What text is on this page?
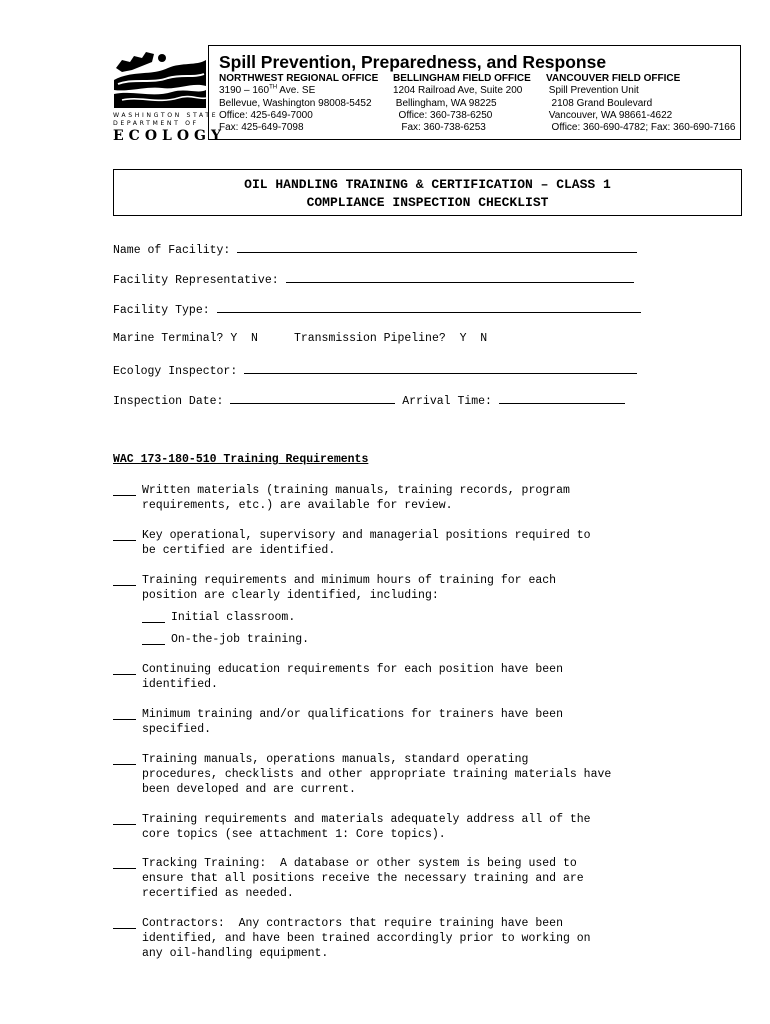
WASHINGTON STATE
DEPARTMENT OF
ECOLOGY
Spill Prevention, Preparedness, and Response
NORTHWEST REGIONAL OFFICE
3190 – 160TH Ave. SE
Bellevue, Washington 98008-5452
Office: 425-649-7000
Fax: 425-649-7098
BELLINGHAM FIELD OFFICE
1204 Railroad Ave, Suite 200
Bellingham, WA 98225
Office: 360-738-6250
Fax: 360-738-6253
VANCOUVER FIELD OFFICE
Spill Prevention Unit
2108 Grand Boulevard
Vancouver, WA 98661-4622
Office: 360-690-4782; Fax: 360-690-7166
OIL HANDLING TRAINING & CERTIFICATION – CLASS 1
COMPLIANCE INSPECTION CHECKLIST
Name of Facility:
Facility Representative:
Facility Type:
Marine Terminal? Y  N	Transmission Pipeline?  Y  N
Ecology Inspector:
Inspection Date:	Arrival Time:
WAC 173-180-510 Training Requirements
Written materials (training manuals, training records, program
requirements, etc.) are available for review.
Key operational, supervisory and managerial positions required to
be certified are identified.
Training requirements and minimum hours of training for each
position are clearly identified, including:
Initial classroom.
On-the-job training.
Continuing education requirements for each position have been
identified.
Minimum training and/or qualifications for trainers have been
specified.
Training manuals, operations manuals, standard operating
procedures, checklists and other appropriate training materials have
been developed and are current.
Training requirements and materials adequately address all of the
core topics (see attachment 1: Core topics).
Tracking Training:  A database or other system is being used to
ensure that all positions receive the necessary training and are
recertified as needed.
Contractors:  Any contractors that require training have been
identified, and have been trained accordingly prior to working on
any oil-handling equipment.
